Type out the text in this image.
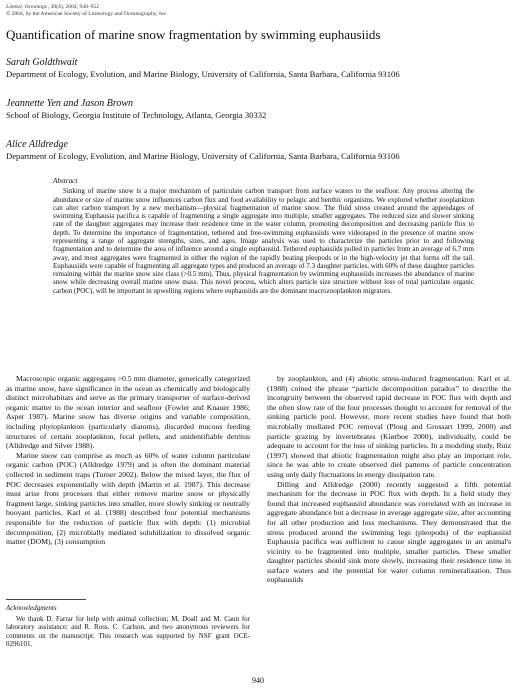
Limnol. Oceanogr., 49(4), 2004, 940–952
© 2004, by the American Society of Limnology and Oceanography, Inc.
Quantification of marine snow fragmentation by swimming euphausiids
Sarah Goldthwait
Department of Ecology, Evolution, and Marine Biology, University of California, Santa Barbara, California 93106
Jeannette Yen and Jason Brown
School of Biology, Georgia Institute of Technology, Atlanta, Georgia 30332
Alice Alldredge
Department of Ecology, Evolution, and Marine Biology, University of California, Santa Barbara, California 93106
Abstract

Sinking of marine snow is a major mechanism of particulate carbon transport from surface waters to the seafloor. Any process altering the abundance or size of marine snow influences carbon flux and food availability to pelagic and benthic organisms. We explored whether zooplankton can alter carbon transport by a new mechanism—physical fragmentation of marine snow. The fluid stress created around the appendages of swimming Euphausia pacifica is capable of fragmenting a single aggregate into multiple, smaller aggregates. The reduced size and slower sinking rate of the daughter aggregates may increase their residence time in the water column, promoting decomposition and decreasing particle flux to depth. To determine the importance of fragmentation, tethered and free-swimming euphausiids were videotaped in the presence of marine snow representing a range of aggregate strengths, sizes, and ages. Image analysis was used to characterize the particles prior to and following fragmentation and to determine the area of influence around a single euphausiid. Tethered euphausiids pulled in particles from an average of 6.7 mm away, and most aggregates were fragmented in either the region of the rapidly beating pleopods or in the high-velocity jet that forms off the tail. Euphausiids were capable of fragmenting all aggregate types and produced an average of 7.3 daughter particles, with 60% of these daughter particles remaining within the marine snow size class (>0.5 mm). Thus, physical fragmentation by swimming euphausiids increases the abundance of marine snow while decreasing overall marine snow mass. This novel process, which alters particle size structure without loss of total particulate organic carbon (POC), will be important in upwelling regions where euphausiids are the dominant macrozooplankton migrators.

Macroscopic organic aggregates >0.5 mm diameter, generically categorized as marine snow, have significance in the ocean as chemically and biologically distinct microhabitats and serve as the primary transporter of surface-derived organic matter to the ocean interior and seafloor (Fowler and Knauer 1986; Asper 1987). Marine snow has diverse origins and variable composition, including phytoplankton (particularly diatoms), discarded mucous feeding structures of certain zooplankton, fecal pellets, and unidentifiable detritus (Alldredge and Silver 1988).

Marine snow can comprise as much as 60% of water column particulate organic carbon (POC) (Alldredge 1979) and is often the dominant material collected in sediment traps (Turner 2002). Below the mixed layer, the flux of POC decreases exponentially with depth (Martin et al. 1987). This decrease must arise from processes that either remove marine snow or physically fragment large, sinking particles into smaller, more slowly sinking or neutrally buoyant particles. Karl et al. (1988) described four potential mechanisms responsible for the reduction of particle flux with depth: (1) microbial decomposition, (2) microbially mediated solubilization to dissolved organic matter (DOM), (3) consumption

by zooplankton, and (4) abiotic stress-induced fragmentation. Karl et al. (1988) coined the phrase “particle decomposition paradox” to describe the incongruity between the observed rapid decrease in POC flux with depth and the often slow rate of the four processes thought to account for removal of the sinking particle pool. However, more recent studies have found that both microbially mediated POC removal (Ploug and Grossart 1999, 2000) and particle grazing by invertebrates (Kiørboe 2000), individually, could be adequate to account for the loss of sinking particles. In a modeling study, Ruiz (1997) showed that abiotic fragmentation might also play an important role, since he was able to create observed diel patterns of particle concentration using only daily fluctuations in energy dissipation rate.

Dilling and Alldredge (2000) recently suggested a fifth potential mechanism for the decrease in POC flux with depth. In a field study they found that increased euphausiid abundance was correlated with an increase in aggregate abundance but a decrease in average aggregate size, after accounting for all other production and loss mechanisms. They demonstrated that the stress produced around the swimming legs (pleopods) of the euphausiid Euphausia pacifica was sufficient to cause single aggregates in an animal's vicinity to be fragmented into multiple, smaller particles. These smaller daughter particles should sink more slowly, increasing their residence time in surface waters and the potential for water column remineralization. Thus euphausiids

Acknowledgments
We thank D. Farrar for help with animal collection; M. Doall and M. Caun for laboratory assistance; and R. Ross, C. Carlson, and two anonymous reviewers for comments on the manuscript. This research was supported by NSF grant OCE-0296101.
940
